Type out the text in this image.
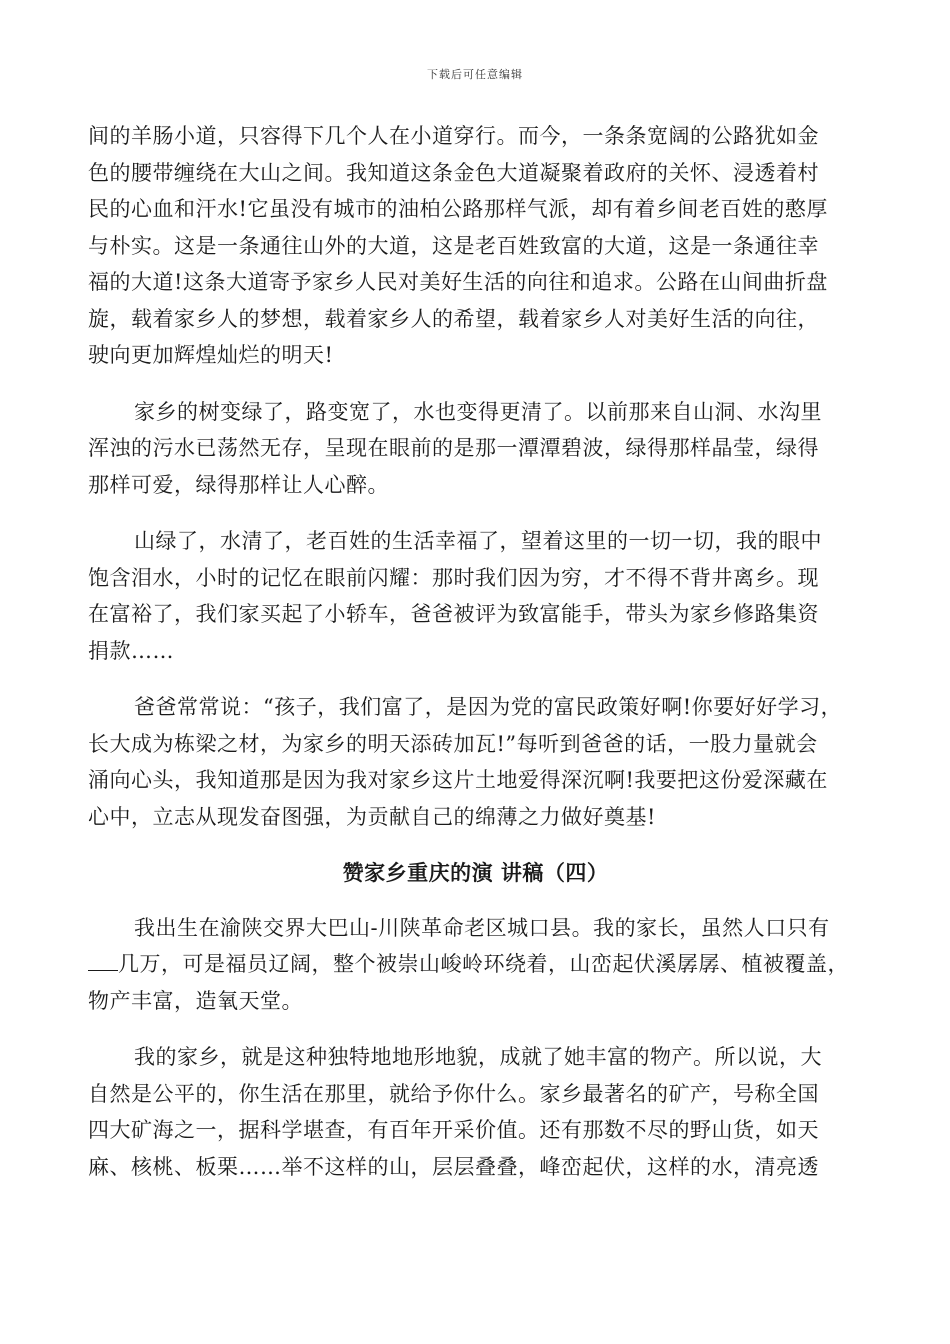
下载后可任意编辑
间的羊肠小道，只容得下几个人在小道穿行。而今，一条条宽阔的公路犹如金
色的腰带缠绕在大山之间。我知道这条金色大道凝聚着政府的关怀、浸透着村
民的心血和汗水!它虽没有城市的油柏公路那样气派，却有着乡间老百姓的憨厚
与朴实。这是一条通往山外的大道，这是老百姓致富的大道，这是一条通往幸
福的大道!这条大道寄予家乡人民对美好生活的向往和追求。公路在山间曲折盘
旋，载着家乡人的梦想，载着家乡人的希望，载着家乡人对美好生活的向往，
驶向更加辉煌灿烂的明天!
家乡的树变绿了，路变宽了，水也变得更清了。以前那来自山洞、水沟里
浑浊的污水已荡然无存，呈现在眼前的是那一潭潭碧波，绿得那样晶莹，绿得
那样可爱，绿得那样让人心醉。
山绿了，水清了，老百姓的生活幸福了，望着这里的一切一切，我的眼中
饱含泪水，小时的记忆在眼前闪耀：那时我们因为穷，才不得不背井离乡。现
在富裕了，我们家买起了小轿车，爸爸被评为致富能手，带头为家乡修路集资
捐款……
爸爸常常说：“孩子，我们富了，是因为党的富民政策好啊!你要好好学习，
长大成为栋梁之材，为家乡的明天添砖加瓦!”每听到爸爸的话，一股力量就会
涌向心头，我知道那是因为我对家乡这片土地爱得深沉啊!我要把这份爱深藏在
心中，立志从现发奋图强，为贡献自己的绵薄之力做好奠基!
赞家乡重庆的演 讲稿（四）
我出生在渝陕交界大巴山-川陕革命老区城口县。我的家长，虽然人口只有
几万，可是福员辽阔，整个被崇山峻岭环绕着，山峦起伏溪孱孱、植被覆盖，
物产丰富，造氧天堂。
我的家乡，就是这种独特地地形地貌，成就了她丰富的物产。所以说，大
自然是公平的，你生活在那里，就给予你什么。家乡最著名的矿产，号称全国
四大矿海之一，据科学堪查，有百年开采价值。还有那数不尽的野山货，如天
麻、核桃、板栗……举不这样的山，层层叠叠，峰峦起伏，这样的水，清亮透
